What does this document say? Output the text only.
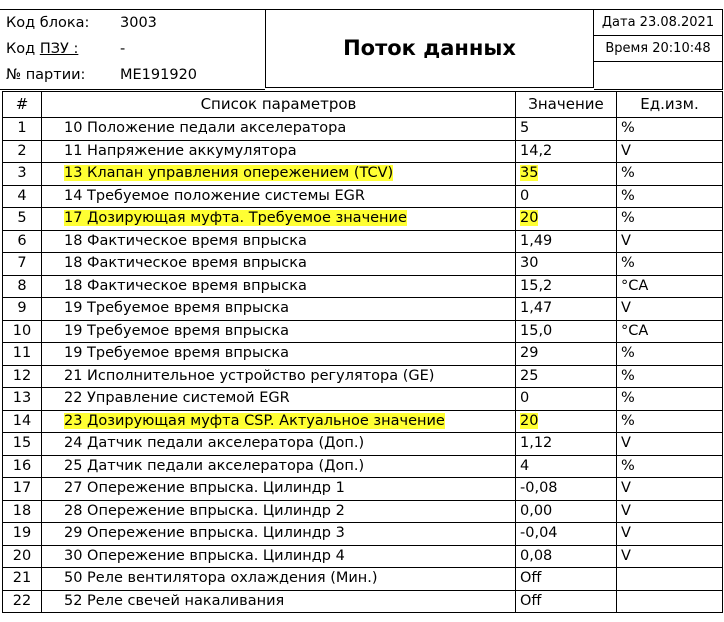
Код блока: 3003
Код ПЗУ :	-
№ партии: ME191920
Поток данных
Дата 23.08.2021
Время 20:10:48
#	Список параметров	Значение	Ед.изм.
1	10 Положение педали акселератора	5	%
2	11 Напряжение аккумулятора	14,2	V
3	13 Клапан управления опережением (TCV)	35	%
4	14 Требуемое положение системы EGR	0	%
5	17 Дозирующая муфта. Требуемое значение	20	%
6	18 Фактическое время впрыска	1,49	V
7	18 Фактическое время впрыска	30	%
8	18 Фактическое время впрыска	15,2	°CA
9	19 Требуемое время впрыска	1,47	V
10	19 Требуемое время впрыска	15,0	°CA
11	19 Требуемое время впрыска	29	%
12	21 Исполнительное устройство регулятора (GE)	25	%
13	22 Управление системой EGR	0	%
14	23 Дозирующая муфта CSP. Актуальное значение	20	%
15	24 Датчик педали акселератора (Доп.)	1,12	V
16	25 Датчик педали акселератора (Доп.)	4	%
17	27 Опережение впрыска. Цилиндр 1	-0,08	V
18	28 Опережение впрыска. Цилиндр 2	0,00	V
19	29 Опережение впрыска. Цилиндр 3	-0,04	V
20	30 Опережение впрыска. Цилиндр 4	0,08	V
21	50 Реле вентилятора охлаждения (Мин.)	Off	
22	52 Реле свечей накаливания	Off	
